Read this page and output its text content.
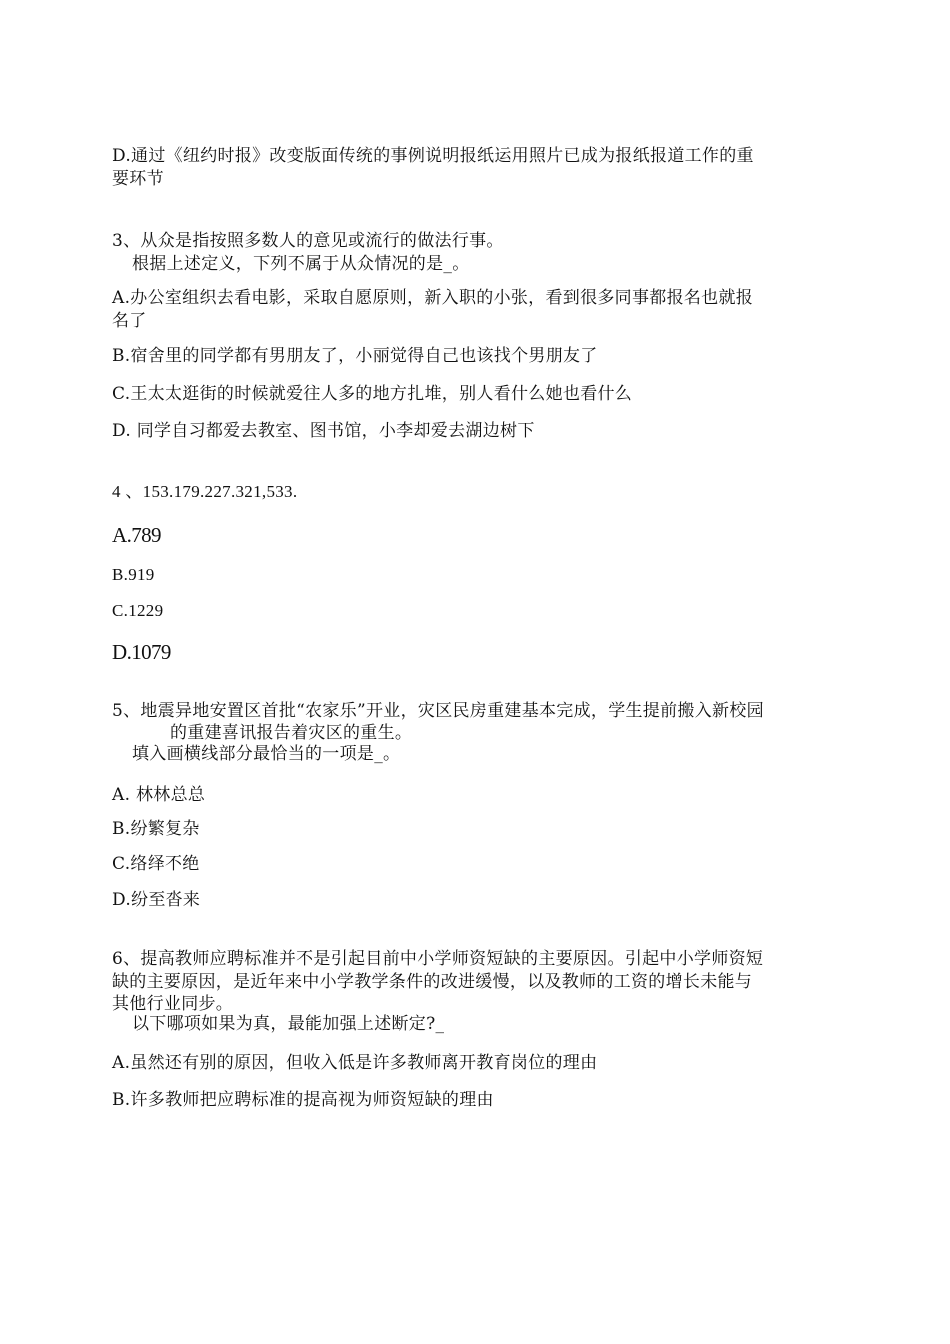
D.通过《纽约时报》改变版面传统的事例说明报纸运用照片已成为报纸报道工作的重
要环节
3、从众是指按照多数人的意见或流行的做法行事。
根据上述定义，下列不属于从众情况的是_。
A.办公室组织去看电影，采取自愿原则，新入职的小张，看到很多同事都报名也就报
名了
B.宿舍里的同学都有男朋友了，小丽觉得自己也该找个男朋友了
C.王太太逛街的时候就爱往人多的地方扎堆，别人看什么她也看什么
D. 同学自习都爱去教室、图书馆，小李却爱去湖边树下
4 、153.179.227.321,533.
A.789
B.919
C.1229
D.1079
5、地震异地安置区首批“农家乐”开业，灾区民房重建基本完成，学生提前搬入新校园
的重建喜讯报告着灾区的重生。
填入画横线部分最恰当的一项是_。
A. 林林总总
B.纷繁复杂
C.络绎不绝
D.纷至沓来
6、提高教师应聘标准并不是引起目前中小学师资短缺的主要原因。引起中小学师资短
缺的主要原因，是近年来中小学教学条件的改进缓慢，以及教师的工资的增长未能与
其他行业同步。
以下哪项如果为真，最能加强上述断定?_
A.虽然还有别的原因，但收入低是许多教师离开教育岗位的理由
B.许多教师把应聘标准的提高视为师资短缺的理由
